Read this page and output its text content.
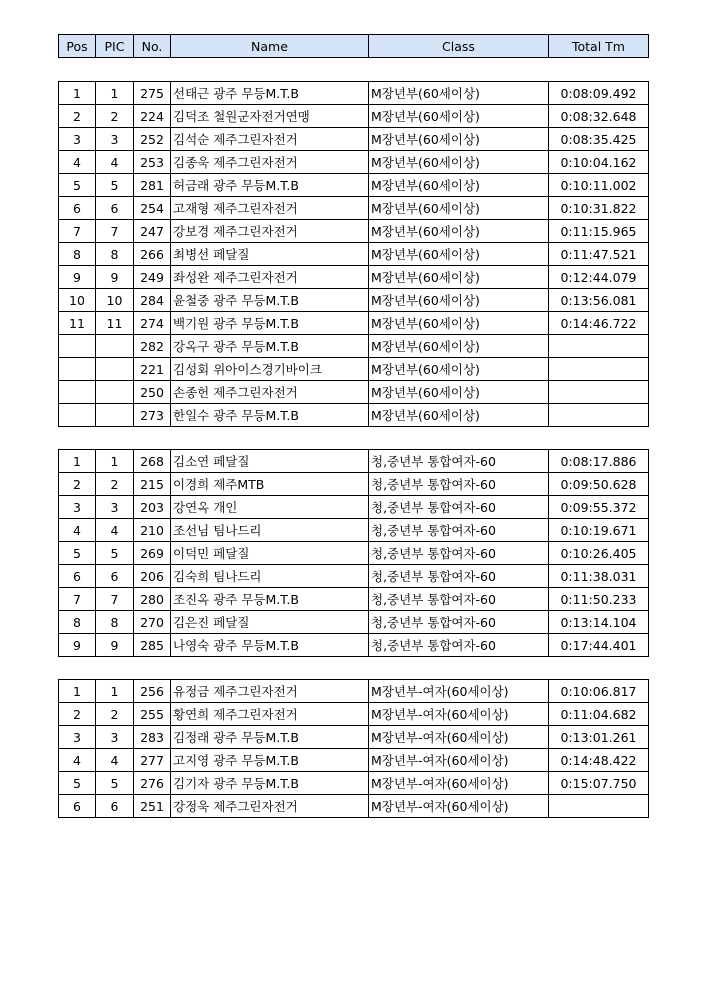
Pos	PIC	No.	Name	Class	Total Tm
1	1	275	선태근 광주 무등M.T.B	M장년부(60세이상)	0:08:09.492
2	2	224	김덕조 철원군자전거연맹	M장년부(60세이상)	0:08:32.648
3	3	252	김석순 제주그린자전거	M장년부(60세이상)	0:08:35.425
4	4	253	김종욱 제주그린자전거	M장년부(60세이상)	0:10:04.162
5	5	281	허금래 광주 무등M.T.B	M장년부(60세이상)	0:10:11.002
6	6	254	고재형 제주그린자전거	M장년부(60세이상)	0:10:31.822
7	7	247	강보경 제주그린자전거	M장년부(60세이상)	0:11:15.965
8	8	266	최병선 페달질	M장년부(60세이상)	0:11:47.521
9	9	249	좌성완 제주그린자전거	M장년부(60세이상)	0:12:44.079
10	10	284	윤철중 광주 무등M.T.B	M장년부(60세이상)	0:13:56.081
11	11	274	백기원 광주 무등M.T.B	M장년부(60세이상)	0:14:46.722
		282	강옥구 광주 무등M.T.B	M장년부(60세이상)	
		221	김성회 위아이스경기바이크	M장년부(60세이상)	
		250	손종헌 제주그린자전거	M장년부(60세이상)	
		273	한일수 광주 무등M.T.B	M장년부(60세이상)	
1	1	268	김소연 페달질	청,중년부 통합여자-60	0:08:17.886
2	2	215	이경희 제주MTB	청,중년부 통합여자-60	0:09:50.628
3	3	203	강연옥 개인	청,중년부 통합여자-60	0:09:55.372
4	4	210	조선님 팀나드리	청,중년부 통합여자-60	0:10:19.671
5	5	269	이덕민 페달질	청,중년부 통합여자-60	0:10:26.405
6	6	206	김숙희 팀나드리	청,중년부 통합여자-60	0:11:38.031
7	7	280	조진옥 광주 무등M.T.B	청,중년부 통합여자-60	0:11:50.233
8	8	270	김은진 페달질	청,중년부 통합여자-60	0:13:14.104
9	9	285	나영숙 광주 무등M.T.B	청,중년부 통합여자-60	0:17:44.401
1	1	256	유정금 제주그린자전거	M장년부-여자(60세이상)	0:10:06.817
2	2	255	황연희 제주그린자전거	M장년부-여자(60세이상)	0:11:04.682
3	3	283	김정래 광주 무등M.T.B	M장년부-여자(60세이상)	0:13:01.261
4	4	277	고지영 광주 무등M.T.B	M장년부-여자(60세이상)	0:14:48.422
5	5	276	김기자 광주 무등M.T.B	M장년부-여자(60세이상)	0:15:07.750
6	6	251	강정욱 제주그린자전거	M장년부-여자(60세이상)	
